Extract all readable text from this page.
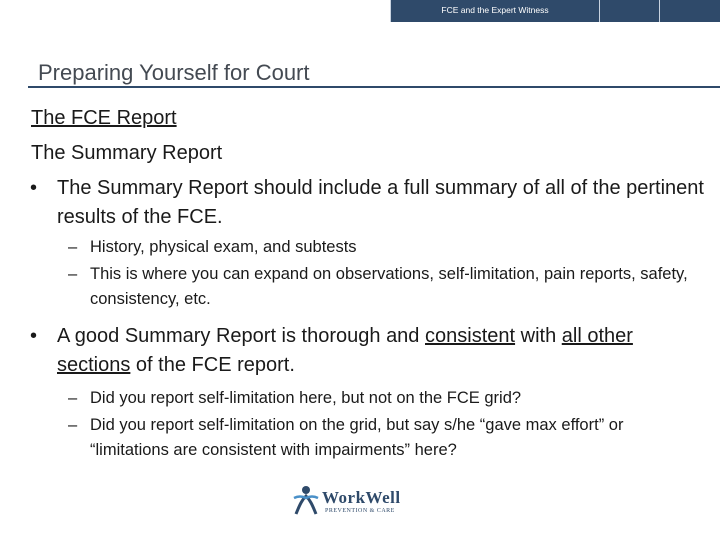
FCE and the Expert Witness
Preparing Yourself for Court
The FCE Report
The Summary Report
• The Summary Report should include a full summary of all of the pertinent results of the FCE.
– History, physical exam, and subtests
– This is where you can expand on observations, self-limitation, pain reports, safety, consistency, etc.
• A good Summary Report is thorough and consistent with all other sections of the FCE report.
– Did you report self-limitation here, but not on the FCE grid?
– Did you report self-limitation on the grid, but say s/he “gave max effort” or “limitations are consistent with impairments” here?
WorkWell
PREVENTION & CARE
